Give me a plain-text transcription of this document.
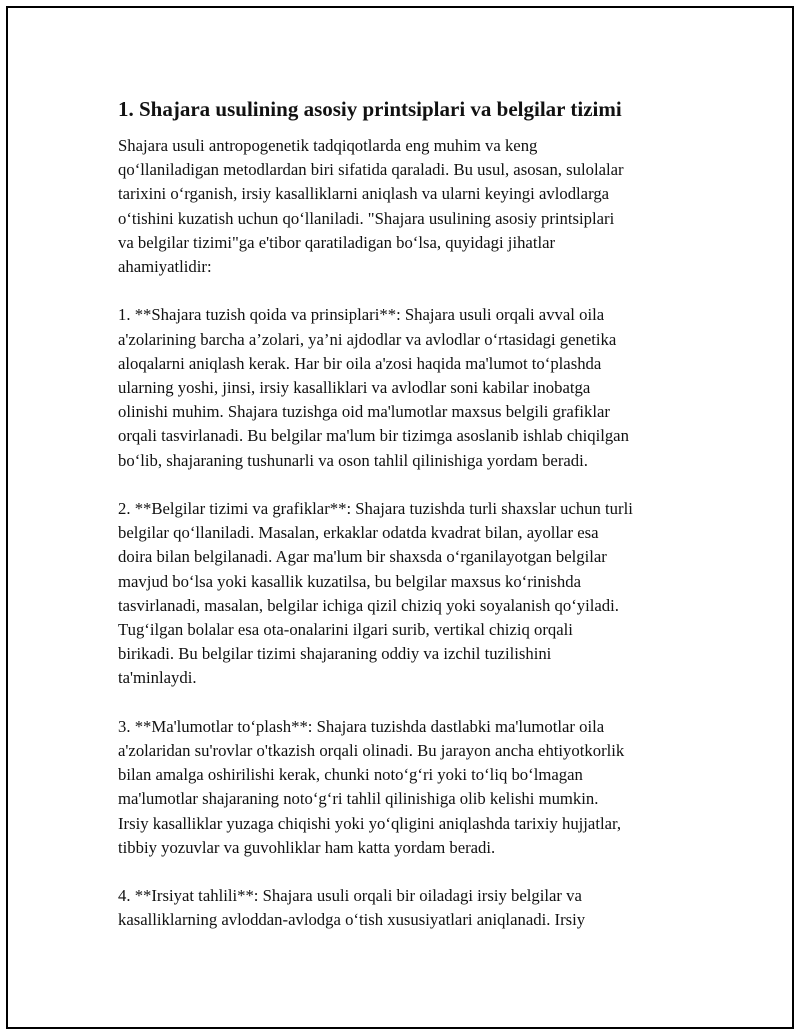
1. Shajara usulining asosiy printsiplari va belgilar tizimi

Shajara usuli antropogenetik tadqiqotlarda eng muhim va keng
qo‘llaniladigan metodlardan biri sifatida qaraladi. Bu usul, asosan, sulolalar
tarixini o‘rganish, irsiy kasalliklarni aniqlash va ularni keyingi avlodlarga
o‘tishini kuzatish uchun qo‘llaniladi. "Shajara usulining asosiy printsiplari
va belgilar tizimi"ga e'tibor qaratiladigan bo‘lsa, quyidagi jihatlar
ahamiyatlidir:

1. **Shajara tuzish qoida va prinsiplari**: Shajara usuli orqali avval oila
a'zolarining barcha a’zolari, ya’ni ajdodlar va avlodlar o‘rtasidagi genetika
aloqalarni aniqlash kerak. Har bir oila a'zosi haqida ma'lumot to‘plashda
ularning yoshi, jinsi, irsiy kasalliklari va avlodlar soni kabilar inobatga
olinishi muhim. Shajara tuzishga oid ma'lumotlar maxsus belgili grafiklar
orqali tasvirlanadi. Bu belgilar ma'lum bir tizimga asoslanib ishlab chiqilgan
bo‘lib, shajaraning tushunarli va oson tahlil qilinishiga yordam beradi.

2. **Belgilar tizimi va grafiklar**: Shajara tuzishda turli shaxslar uchun turli
belgilar qo‘llaniladi. Masalan, erkaklar odatda kvadrat bilan, ayollar esa
doira bilan belgilanadi. Agar ma'lum bir shaxsda o‘rganilayotgan belgilar
mavjud bo‘lsa yoki kasallik kuzatilsa, bu belgilar maxsus ko‘rinishda
tasvirlanadi, masalan, belgilar ichiga qizil chiziq yoki soyalanish qo‘yiladi.
Tug‘ilgan bolalar esa ota-onalarini ilgari surib, vertikal chiziq orqali
birikadi. Bu belgilar tizimi shajaraning oddiy va izchil tuzilishini
ta'minlaydi.

3. **Ma'lumotlar to‘plash**: Shajara tuzishda dastlabki ma'lumotlar oila
a'zolaridan su'rovlar o'tkazish orqali olinadi. Bu jarayon ancha ehtiyotkorlik
bilan amalga oshirilishi kerak, chunki noto‘g‘ri yoki to‘liq bo‘lmagan
ma'lumotlar shajaraning noto‘g‘ri tahlil qilinishiga olib kelishi mumkin.
Irsiy kasalliklar yuzaga chiqishi yoki yo‘qligini aniqlashda tarixiy hujjatlar,
tibbiy yozuvlar va guvohliklar ham katta yordam beradi.

4. **Irsiyat tahlili**: Shajara usuli orqali bir oiladagi irsiy belgilar va
kasalliklarning avloddan-avlodga o‘tish xususiyatlari aniqlanadi. Irsiy
